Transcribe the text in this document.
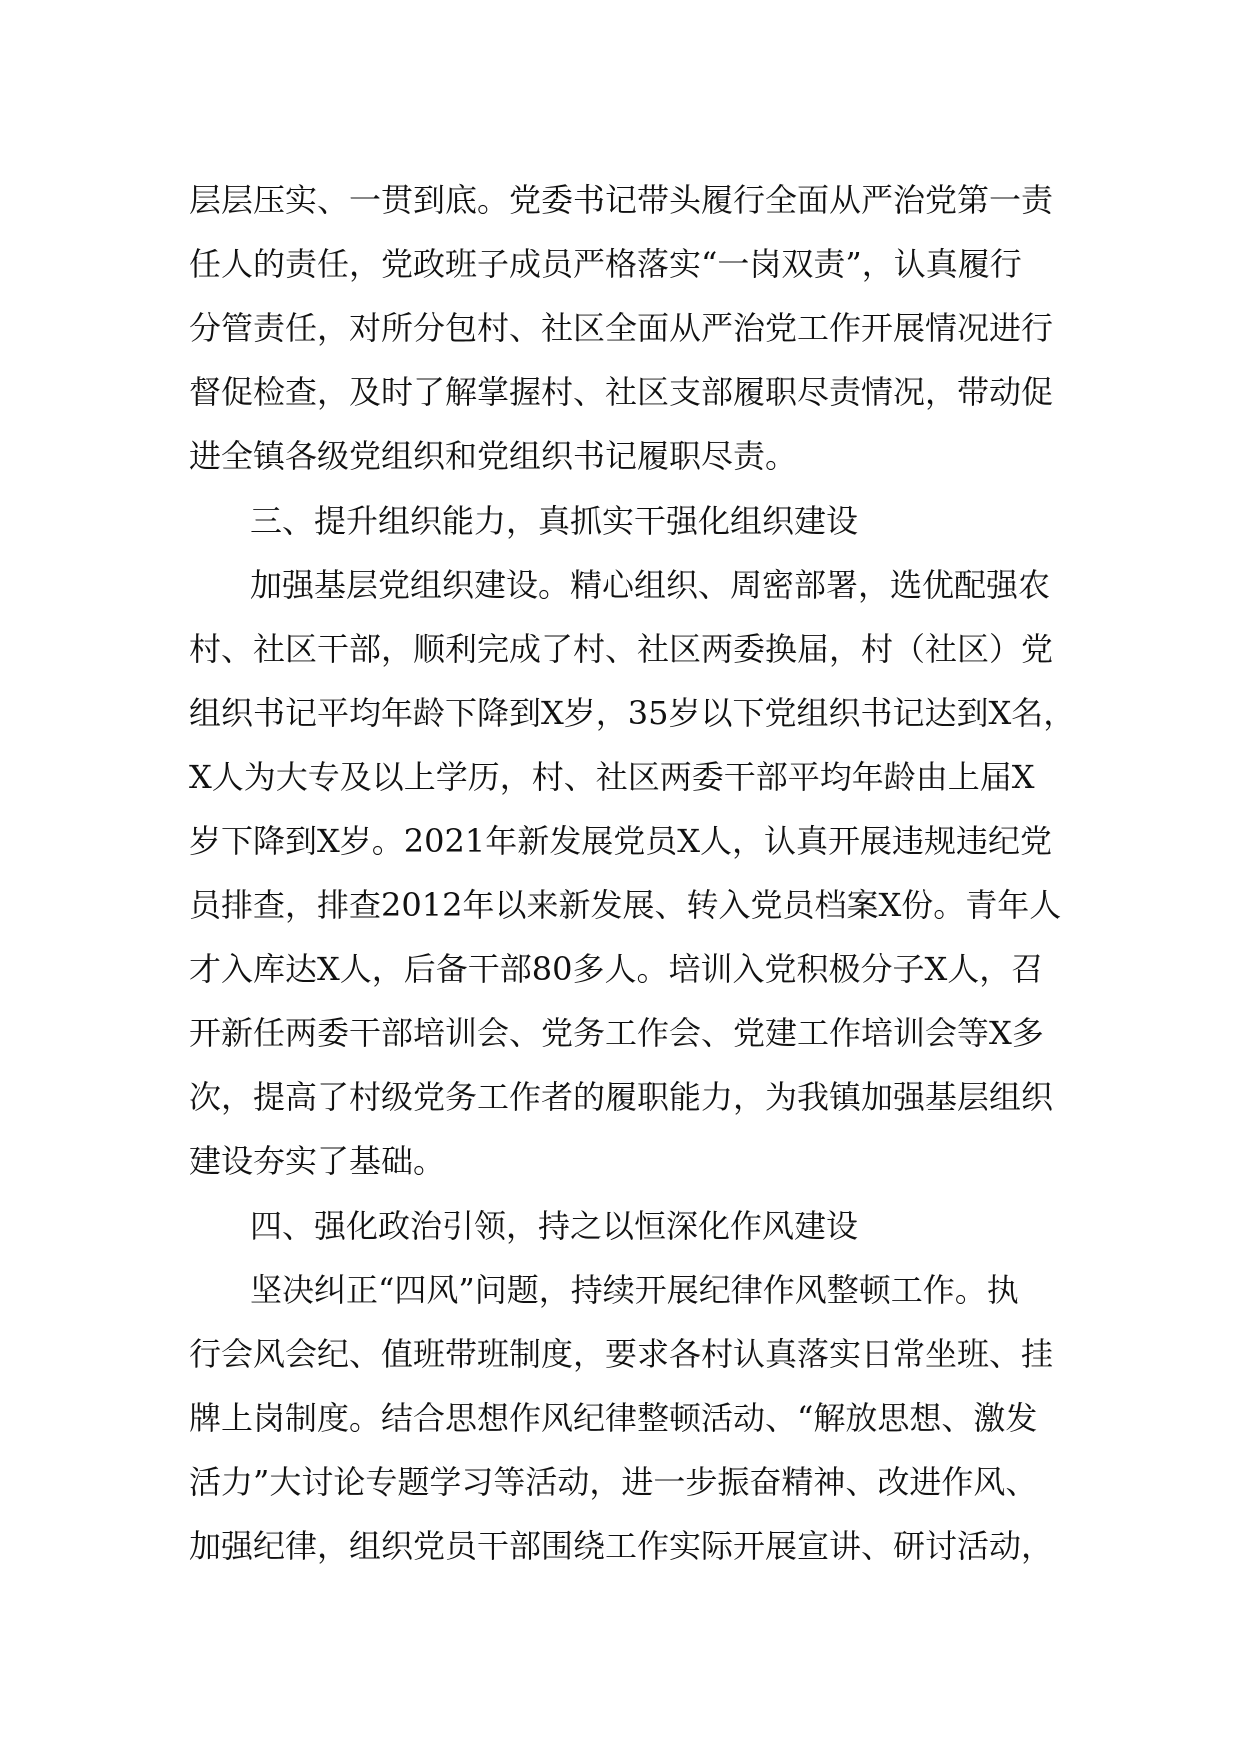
层层压实、一贯到底。党委书记带头履行全面从严治党第一责
任人的责任，党政班子成员严格落实“一岗双责”，认真履行
分管责任，对所分包村、社区全面从严治党工作开展情况进行
督促检查，及时了解掌握村、社区支部履职尽责情况，带动促
进全镇各级党组织和党组织书记履职尽责。
三、提升组织能力，真抓实干强化组织建设
加强基层党组织建设。精心组织、周密部署，选优配强农
村、社区干部，顺利完成了村、社区两委换届，村（社区）党
组织书记平均年龄下降到X岁，35岁以下党组织书记达到X名，
X人为大专及以上学历，村、社区两委干部平均年龄由上届X
岁下降到X岁。2021年新发展党员X人，认真开展违规违纪党
员排查，排查2012年以来新发展、转入党员档案X份。青年人
才入库达X人，后备干部80多人。培训入党积极分子X人，召
开新任两委干部培训会、党务工作会、党建工作培训会等X多
次，提高了村级党务工作者的履职能力，为我镇加强基层组织
建设夯实了基础。
四、强化政治引领，持之以恒深化作风建设
坚决纠正“四风”问题，持续开展纪律作风整顿工作。执
行会风会纪、值班带班制度，要求各村认真落实日常坐班、挂
牌上岗制度。结合思想作风纪律整顿活动、“解放思想、激发
活力”大讨论专题学习等活动，进一步振奋精神、改进作风、
加强纪律，组织党员干部围绕工作实际开展宣讲、研讨活动，
